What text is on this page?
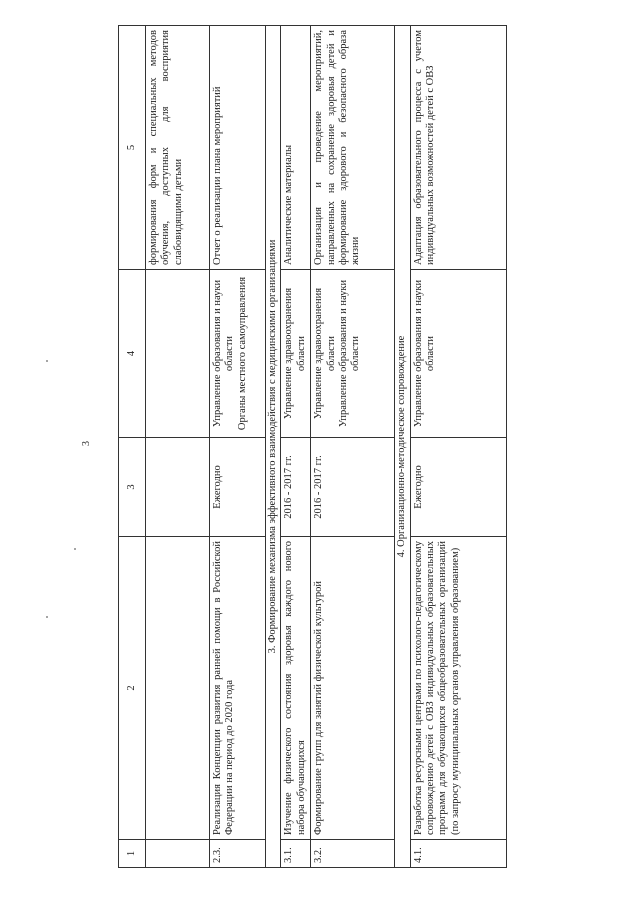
3
1	2	3	4	5
				формирования форм и специальных методов обучения, доступных для восприятия слабовидящими детьми
2.3.	Реализация Концепции развития ранней помощи в Российской Федерации на период до 2020 года	Ежегодно	Управление образования и науки области Органы местного самоуправления	Отчет о реализации плана мероприятий
3. Формирование механизма эффективного взаимодействия с медицинскими организациями				
3.1.	Изучение физического состояния здоровья каждого нового набора обучающихся	2016 - 2017 гг.	Управление здравоохранения области	Аналитические материалы
3.2.	Формирование групп для занятий физической культурой	2016 - 2017 гг.	Управление здравоохранения области Управление образования и науки области	Организация и проведение мероприятий, направленных на сохранение здоровья детей и формирование здорового и безопасного образа жизни
4. Организационно-методическое сопровождение				
4.1.	Разработка ресурсными центрами по психолого-педагогическому сопровождению детей с ОВЗ индивидуальных образовательных программ для обучающихся общеобразовательных организаций (по запросу муниципальных органов управления образованием)	Ежегодно	Управление образования и науки области	Адаптация образовательного процесса с учетом индивидуальных возможностей детей с ОВЗ
